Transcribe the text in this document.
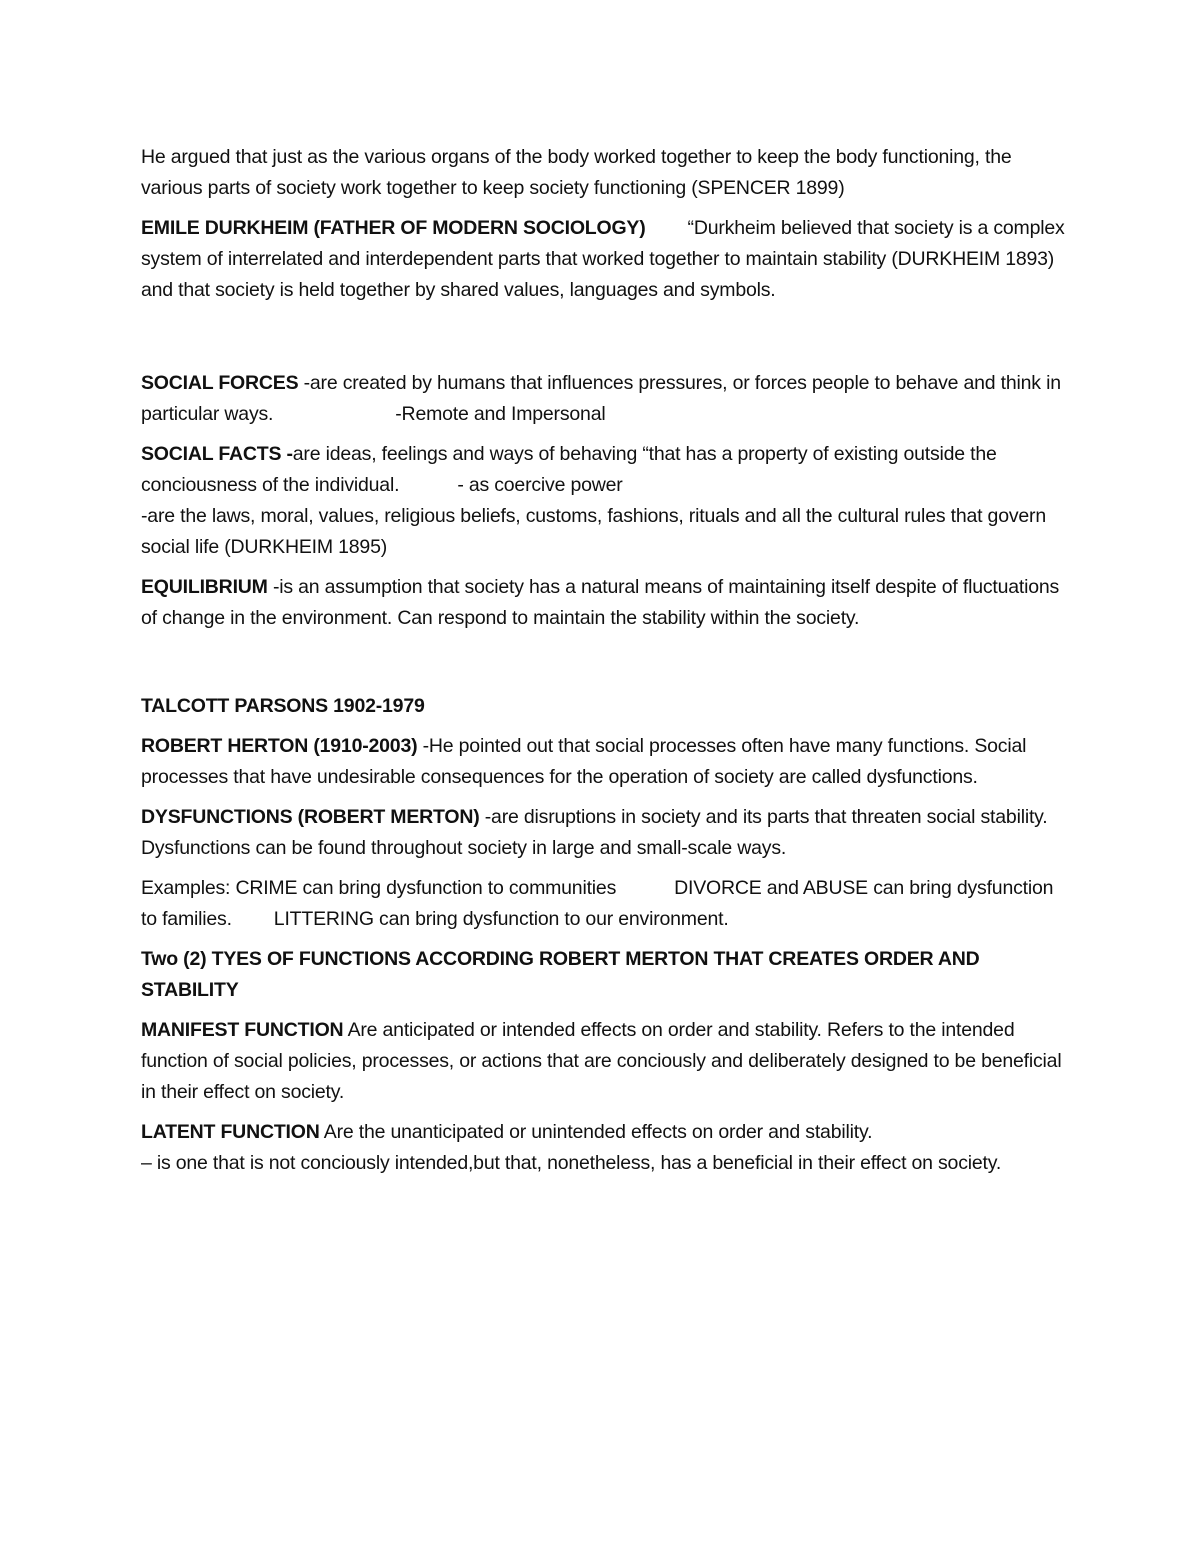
He argued that just as the various organs of the body worked together to keep the body functioning, the various parts of society work together to keep society functioning (SPENCER 1899)

EMILE DURKHEIM (FATHER OF MODERN SOCIOLOGY) “Durkheim believed that society is a complex system of interrelated and interdependent parts that worked together to maintain stability (DURKHEIM 1893) and that society is held together by shared values, languages and symbols.

SOCIAL FORCES -are created by humans that influences pressures, or forces people to behave and think in particular ways.	-Remote and Impersonal

SOCIAL FACTS -are ideas, feelings and ways of behaving “that has a property of existing outside the conciousness of the individual.	- as coercive power
-are the laws, moral, values, religious beliefs, customs, fashions, rituals and all the cultural rules that govern social life (DURKHEIM 1895)

EQUILIBRIUM -is an assumption that society has a natural means of maintaining itself despite of fluctuations of change in the environment. Can respond to maintain the stability within the society.

TALCOTT PARSONS 1902-1979

ROBERT HERTON (1910-2003) -He pointed out that social processes often have many functions. Social processes that have undesirable consequences for the operation of society are called dysfunctions.

DYSFUNCTIONS (ROBERT MERTON) -are disruptions in society and its parts that threaten social stability. Dysfunctions can be found throughout society in large and small-scale ways.

Examples: CRIME can bring dysfunction to communities	DIVORCE and ABUSE can bring dysfunction to families. LITTERING can bring dysfunction to our environment.

Two (2) TYES OF FUNCTIONS ACCORDING ROBERT MERTON THAT CREATES ORDER AND STABILITY

MANIFEST FUNCTION Are anticipated or intended effects on order and stability. Refers to the intended function of social policies, processes, or actions that are conciously and deliberately designed to be beneficial in their effect on society.

LATENT FUNCTION Are the unanticipated or unintended effects on order and stability.
– is one that is not conciously intended,but that, nonetheless, has a beneficial in their effect on society.
